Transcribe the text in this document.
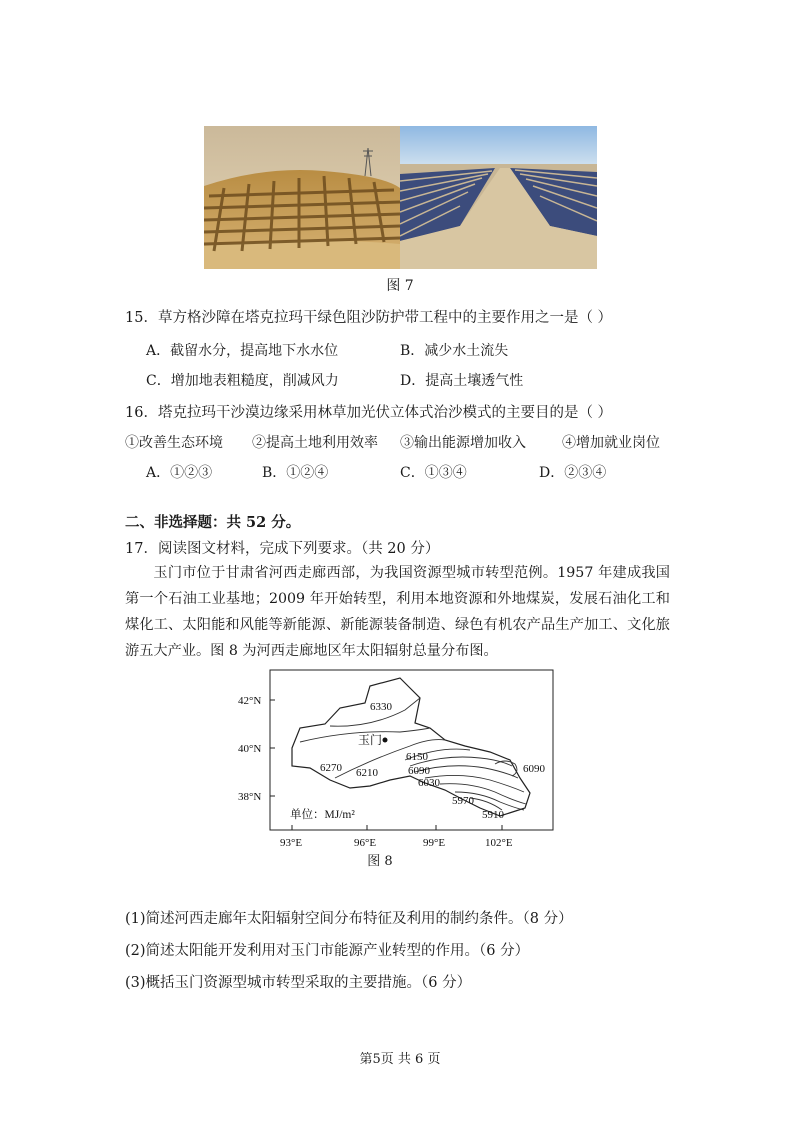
图 7
15．草方格沙障在塔克拉玛干绿色阻沙防护带工程中的主要作用之一是（ ）
A．截留水分，提高地下水水位	B．减少水土流失
C．增加地表粗糙度，削减风力	D．提高土壤透气性
16．塔克拉玛干沙漠边缘采用林草加光伏立体式治沙模式的主要目的是（ ）
①改善生态环境 ②提高土地利用效率 ③输出能源增加收入	④增加就业岗位
A．①②③	B．①②④	C．①③④	D．②③④
二、非选择题：共 52 分。
17．阅读图文材料，完成下列要求。（共 20 分）
玉门市位于甘肃省河西走廊西部，为我国资源型城市转型范例。1957 年建成我国第一个石油工业基地；2009 年开始转型，利用本地资源和外地煤炭，发展石油化工和煤化工、太阳能和风能等新能源、新能源装备制造、绿色有机农产品生产加工、文化旅游五大产业。图 8 为河西走廊地区年太阳辐射总量分布图。
42°N
40°N
38°N
93°E	96°E	99°E	102°E
玉门
单位：MJ/m²
6330
6270 6210
6150
6090
6030
5970
5910
6090
图 8
(1)简述河西走廊年太阳辐射空间分布特征及利用的制约条件。（8 分）
(2)简述太阳能开发利用对玉门市能源产业转型的作用。（6 分）
(3)概括玉门资源型城市转型采取的主要措施。（6 分）
第5页 共 6 页
